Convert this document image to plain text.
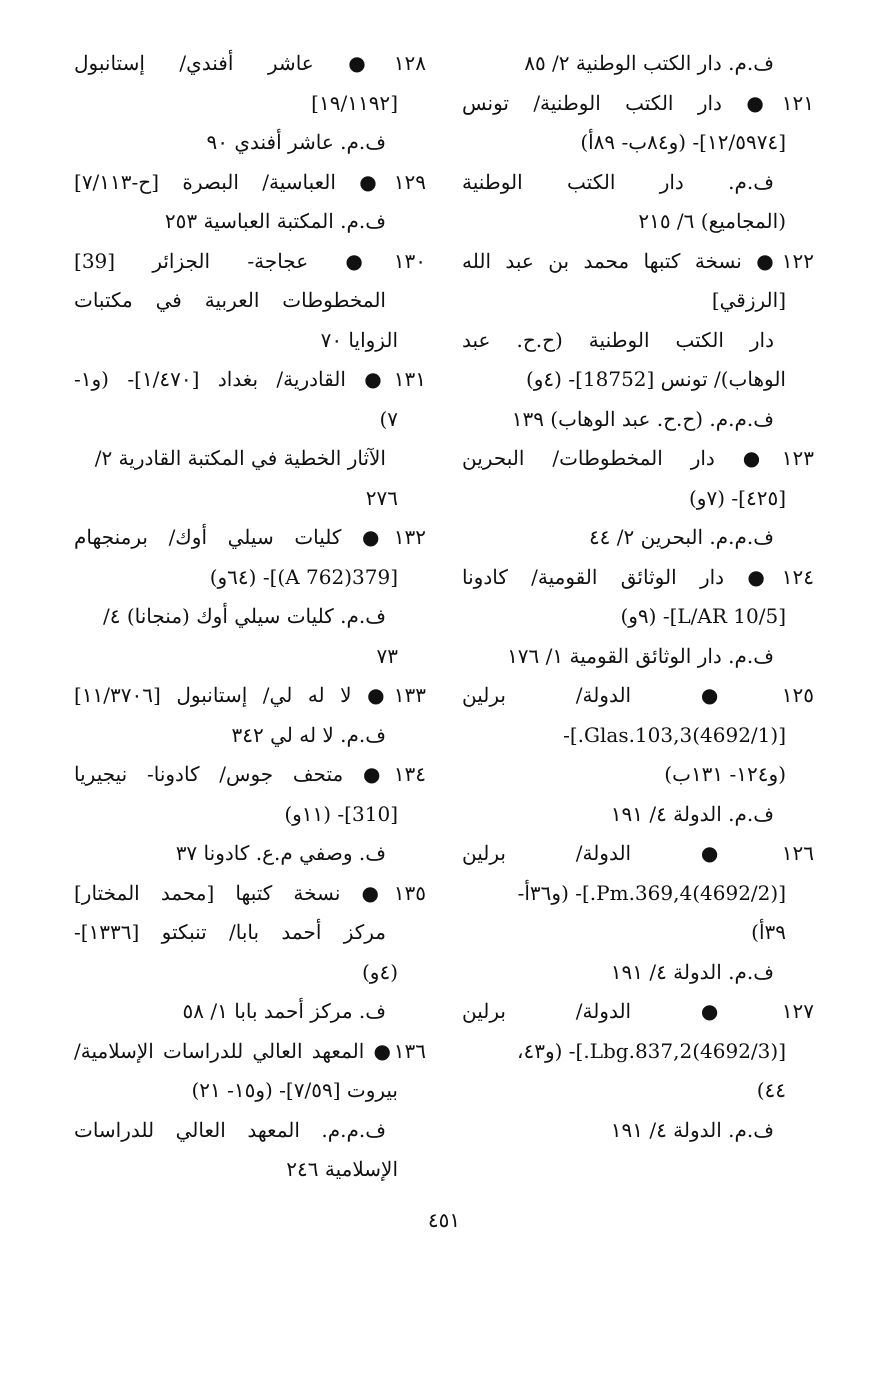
ف.م. دار الكتب الوطنية ٢/ ٨٥
١٢١● دار الكتب الوطنية/ تونس
[١٢/٥٩٧٤]- (و٨٤ب- ٨٩أ)
ف.م. دار الكتب الوطنية
(المجاميع) ٦/ ٢١٥
١٢٢● نسخة كتبها محمد بن عبد الله
[الرزقي]
دار الكتب الوطنية (ح.ح. عبد
الوهاب)/ تونس [18752]- (٤و)
ف.م.م. (ح.ح. عبد الوهاب) ١٣٩
١٢٣● دار المخطوطات/ البحرين
[٤٢٥]- (٧و)
ف.م.م. البحرين ٢/ ٤٤
١٢٤● دار الوثائق القومية/ كادونا
[L/AR 10/5]- (٩و)
ف.م. دار الوثائق القومية ١/ ١٧٦
١٢٥● الدولة/ برلين
[(4692/1)Glas.103,3.]-
(و١٢٤- ١٣١ب)
ف.م. الدولة ٤/ ١٩١
١٢٦● الدولة/ برلين
[(4692/2)Pm.369,4.]- (و٣٦أ-
٣٩أ)
ف.م. الدولة ٤/ ١٩١
١٢٧● الدولة/ برلين
[(4692/3)Lbg.837,2.]- (و٤٣،
٤٤)
ف.م. الدولة ٤/ ١٩١
١٢٨● عاشر أفندي/ إستانبول
[١٩/١١٩٢]
ف.م. عاشر أفندي ٩٠
١٢٩● العباسية/ البصرة [ح-٧/١١٣]
ف.م. المكتبة العباسية ٢٥٣
١٣٠● عجاجة- الجزائر [39]
المخطوطات العربية في مكتبات
الزوايا ٧٠
١٣١● القادرية/ بغداد [١/٤٧٠]- (و١-
٧)
الآثار الخطية في المكتبة القادرية ٢/
٢٧٦
١٣٢● كليات سيلي أوك/ برمنجهام
[379(762 A)]- (٦٤و)
ف.م. كليات سيلي أوك (منجانا) ٤/
٧٣
١٣٣● لا له لي/ إستانبول [١١/٣٧٠٦]
ف.م. لا له لي ٣٤٢
١٣٤● متحف جوس/ كادونا- نيجيريا
[310]- (١١و)
ف. وصفي م.ع. كادونا ٣٧
١٣٥● نسخة كتبها [محمد المختار]
مركز أحمد بابا/ تنبكتو [١٣٣٦]-
(٤و)
ف. مركز أحمد بابا ١/ ٥٨
١٣٦● المعهد العالي للدراسات الإسلامية/
بيروت [٧/٥٩]- (و١٥- ٢١)
ف.م.م. المعهد العالي للدراسات
الإسلامية ٢٤٦
٤٥١
